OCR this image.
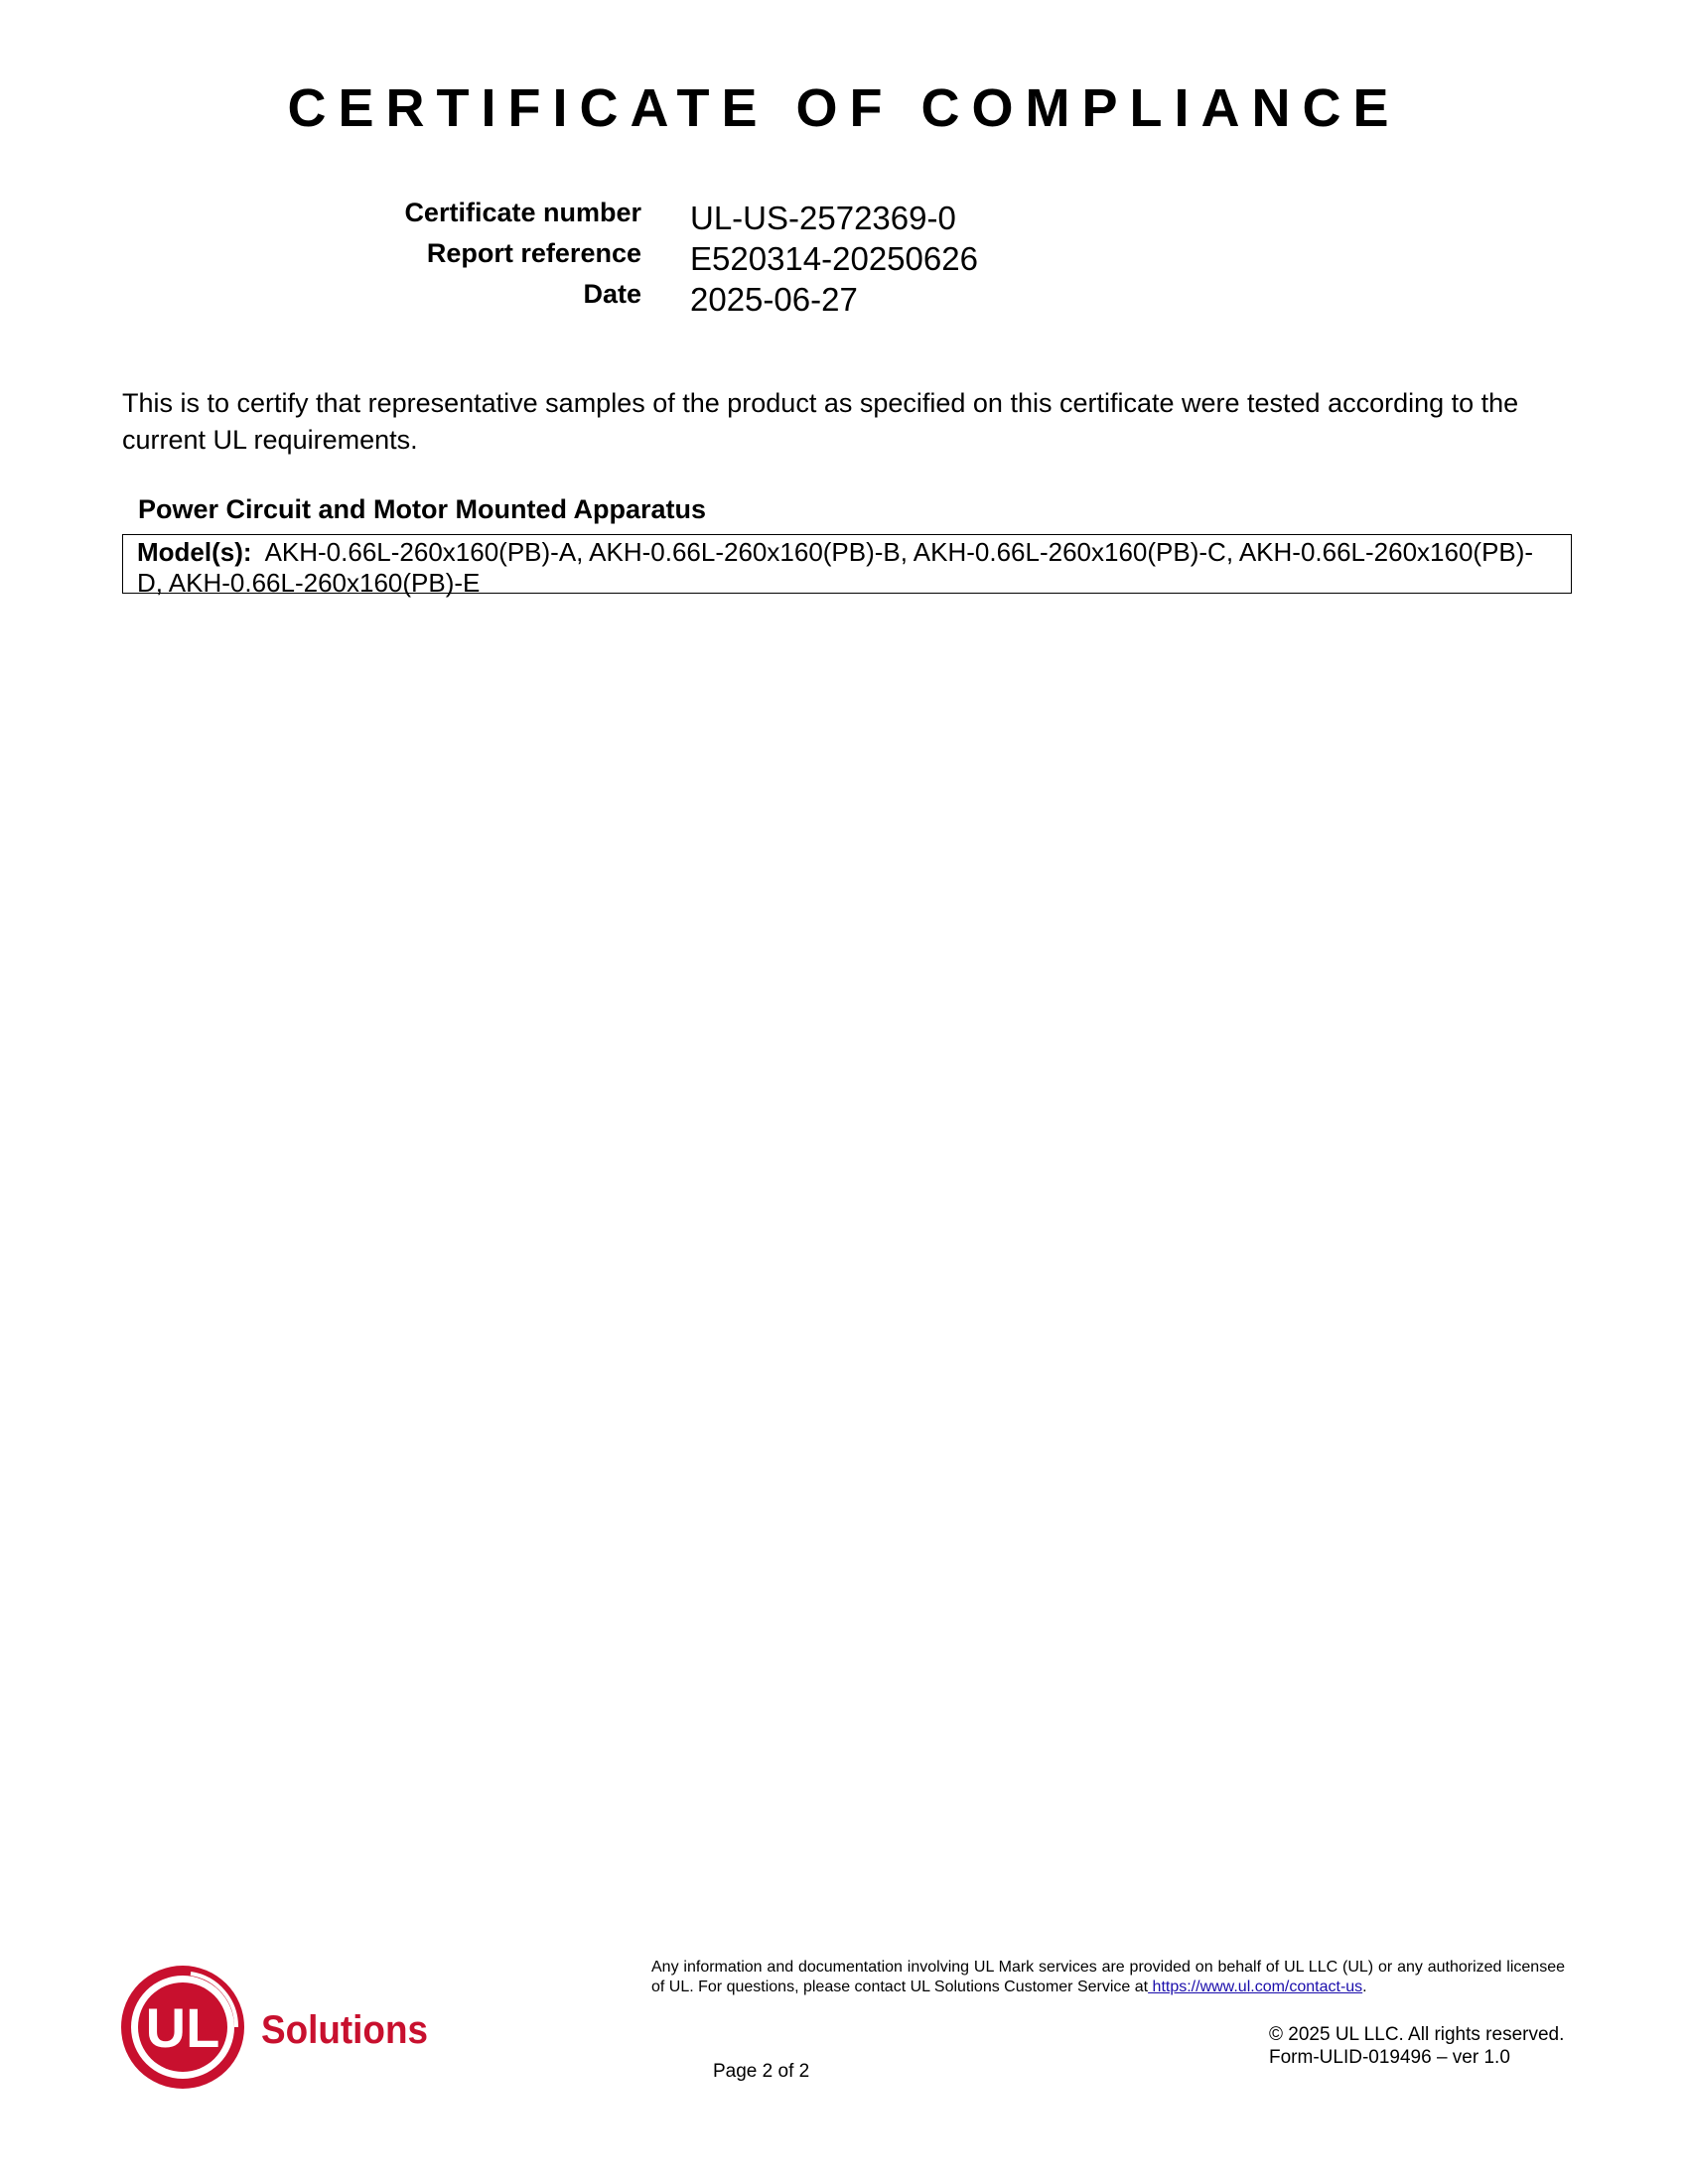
CERTIFICATE OF COMPLIANCE
Certificate number UL-US-2572369-0
Report reference E520314-20250626
Date 2025-06-27
This is to certify that representative samples of the product as specified on this certificate were tested according to the current UL requirements.
Power Circuit and Motor Mounted Apparatus
Model(s): AKH-0.66L-260x160(PB)-A, AKH-0.66L-260x160(PB)-B, AKH-0.66L-260x160(PB)-C, AKH-0.66L-260x160(PB)-D, AKH-0.66L-260x160(PB)-E
UL Solutions
Any information and documentation involving UL Mark services are provided on behalf of UL LLC (UL) or any authorized licensee of UL. For questions, please contact UL Solutions Customer Service at https://www.ul.com/contact-us.
© 2025 UL LLC. All rights reserved.
Form-ULID-019496 – ver 1.0
Page 2 of 2
